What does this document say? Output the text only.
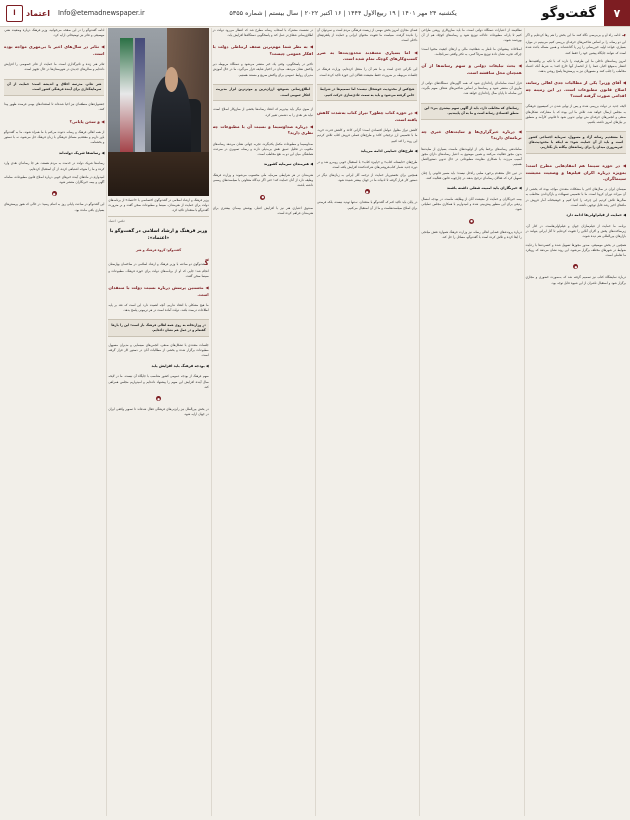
۷
گفت‌وگو
یکشنبه ۲۴ مهر ۱۴۰۱ | ۱۹ ربیع‌الاول ۱۴۴۴ | ۱۶ اکتبر ۲۰۲۲ | سال بیستم | شماره ۵۳۵۵
Info@etemadnewspaper.ir
اعتماد
ا
به ادامه راه او و بی‌بی‌سی نگاه کنند ما این بخش را هم رها کرده‌ایم و اگر این دو رسانه را بر اساس شاخص‌های حرفه‌ای بررسی کنیم می‌بینیم در موارد بسیاری، قواعد اولیه خبررسانی را زیر پا گذاشته‌اند و همین مساله باعث شده است که نتوانند جایگاه پیشین خود را حفظ کنند.
امروز رسانه‌های داخلی ما این ظرفیت را دارند که با تکیه بر واقعیت‌ها و انتشار به‌موقع اخبار، فضا را از انحصار آنها خارج کنند؛ به شرط آنکه اعتماد مخاطب را جلب کنند و مسوولان نیز به پرسش‌ها پاسخ روشن بدهند.
◀ آقای وزیر! یکی از مطالبات جدی اهالی رسانه، اصلاح قانون مطبوعات است. در این زمینه چه اقدامی صورت گرفته است؟
لایحه جدید در دولت بررسی شده و پس از نهایی شدن در کمیسیون فرهنگی به مجلس ارسال خواهد شد. تلاش ما این بوده که با مشارکت تشکل‌های صنفی و انجمن‌های حرفه‌ای متن نهایی تدوین شود تا قانونی کارآمد و منطبق بر نیازهای امروز داشته باشیم.
ما معتقدیم رسانه آزاد و مسوول، سرمایه اجتماعی کشور است و باید از آن حمایت شود؛ نه اینکه با محدودیت‌های غیرضروری میدان را برای رسانه‌های بیگانه باز بگذاریم.
◀ در حوزه سینما هم انتقادهایی مطرح است؛ به‌ویژه درباره اکران فیلم‌ها و وضعیت معیشت سینماگران.
سینمای ایران در سال‌های اخیر با مشکلات متعددی مواجه بوده که بخشی از آن میراث دوران کرونا است. ما با تخصیص تسهیلات و بازگرداندن مخاطب به سالن‌ها تلاش کردیم این چرخه را احیا کنیم و خوشبختانه آمار فروش در ماه‌های اخیر رشد قابل توجهی داشته است.
◀ حمایت از فیلم‌اولی‌ها ادامه دارد
برنامه ما حمایت از فیلم‌سازان جوان و فیلم‌اولی‌هاست. در کنار آن، زیرساخت‌های پخش و اکران آنلاین را تقویت کرده‌ایم تا آثار ایرانی بتوانند در بازارهای بین‌المللی هم دیده شوند.
همچنین در بخش موسیقی، صدور مجوزها تسهیل شده و کنسرت‌ها با رعایت ضوابط در شهرهای مختلف برگزار می‌شود. این روند نشان می‌دهد که رویکرد ما تعاملی است.
●
درباره نمایشگاه کتاب نیز تصمیم گرفته شد که به‌صورت حضوری و مجازی برگزار شود و استقبال ناشران از این شیوه قابل توجه بود.
نظام‌مند از اعتبارات دستگاه دولتی است. ما باید سازوکاری روشن طراحی کنیم تا یارانه مطبوعات عادلانه توزیع شود و رسانه‌های کوچک هم از آن بهره‌مند شوند.
اصلاحات پیشنهادی ما ناظر به شفافیت مالی و ارتقای کیفیت محتوا است؛ چراکه تجربه نشان داده توزیع صرفاً کمی، به تکثر واقعی نمی‌انجامد.
◀ بحث تبلیغات دولتی و سهم رسانه‌ها از آن همچنان محل مناقشه است.
قرار است سامانه‌ای راه‌اندازی شود که همه آگهی‌های دستگاه‌های دولتی از طریق آن منتشر شود و رسانه‌ها بر اساس شاخص‌های شفاف سهم بگیرند. این سامانه تا پایان سال راه‌اندازی خواهد شد.
رسانه‌ای که مخاطب دارد، باید از آگهی سهم بیشتری ببرد؛ این منطق اقتصادی رسانه است و ما به آن پایبندیم.
◀ درباره خبرگزاری‌ها و سایت‌های خبری چه برنامه‌ای دارید؟
ساماندهی رسانه‌های برخط یکی از اولویت‌های ماست. بسیاری از سایت‌ها بدون مجوز فعالیت می‌کنند و همین موضوع به اعتبار رسانه‌های دارای مجوز آسیب می‌زند. با همکاری معاونت مطبوعاتی در حال تدوین دستورالعمل هستیم.
در عین حال معتقدم برخورد سلبی راه‌حل نیست؛ باید مسیر قانونی را چنان تسهیل کرد که فعالان رسانه‌ای ترجیح بدهند در چارچوب قانون فعالیت کنند.
◀ خبرنگاران باید امنیت شغلی داشته باشند
بیمه خبرنگاران و حمایت از معیشت آنان از وظایف ماست. در بودجه امسال ردیفی برای این منظور پیش‌بینی شده و امیدواریم با همکاری مجلس عملیاتی شود.
●
درباره پرونده‌های قضایی اهالی رسانه نیز وزارت فرهنگ همواره نقش میانجی را ایفا کرده و تلاش کرده است با گفت‌وگو، مسائل را حل کند.
فضای مجازی امروز بخش مهمی از زیست فرهنگی مردم است و نمی‌توان آن را نادیده گرفت. سیاست ما تقویت محتوای ایرانی و حمایت از پلتفرم‌های داخلی است.
◀ اما بسیاری معتقدند محدودیت‌ها به ضرر کسب‌وکارهای کوچک تمام شده است.
این نگرانی جدی است و ما هم آن را منتقل کرده‌ایم. وزارت فرهنگ در جلسات مربوطه بر ضرورت حفظ معیشت فعالان این حوزه تاکید کرده است.
هیچ‌کس از محدودیت خوشحال نیست؛ اما تصمیم‌ها در شرایط خاص گرفته می‌شود و باید به سمت عادی‌سازی حرکت کنیم.
◀ در حوزه کتاب چطور؟ تیراژ کتاب به‌شدت کاهش یافته است.
کاهش تیراژ معلول عوامل اقتصادی است؛ گرانی کاغذ و کاهش قدرت خرید. ما با تخصیص ارز ترجیحی کاغذ و طرح‌های فصلی فروش کتاب تلاش کردیم این روند را کند کنیم.
◀ طرح‌های حمایتی ادامه می‌یابد
طرح‌های «تابستانه کتاب» و «پاییزه کتاب» با استقبال خوبی روبه‌رو شد و در دوره جدید شمار کتاب‌فروشی‌های شرکت‌کننده افزایش یافته است.
همچنین برای نخستین‌بار حمایت از ترجمه آثار ایرانی به زبان‌های دیگر در دستور کار قرار گرفته تا ادبیات ما در جهان بیشتر شنیده شود.
●
در پایان باید تاکید کنم که گفت‌وگو با منتقدان، نه‌تنها تهدید نیست، بلکه فرصتی برای اصلاح سیاست‌هاست و ما از آن استقبال می‌کنیم.
در نشست مشترک با اصحاب رسانه مطرح شد که انتظار می‌رود دولت در اطلاع‌رسانی شفاف‌تر عمل کند و پاسخگویی دستگاه‌ها افزایش یابد.
◀ به نظر شما مهم‌ترین ضعف ارتباطی دولت با افکار عمومی چیست؟
تاخیر در پاسخگویی. وقتی یک خبر منتشر می‌شود و دستگاه مربوطه دیر واکنش نشان می‌دهد، میدان در اختیار شایعه قرار می‌گیرد. ما در حال آموزش مدیران روابط عمومی برای واکنش سریع و مستند هستیم.
اطلاع‌رسانی به‌موقع، ارزان‌ترین و موثرترین ابزار مدیریت افکار عمومی است.
از سوی دیگر باید بپذیریم که انتقاد رسانه‌ها بخشی از سازوکار اصلاح است. نباید هر نقدی را به دشمنی تعبیر کرد.
◀ درباره صداوسیما و نسبت آن با مطبوعات چه نظری دارید؟
صداوسیما و مطبوعات مکمل یکدیگرند. تجربه جهانی نشان می‌دهد رسانه‌های مکتوب در تحلیل عمیق نقش بی‌بدیلی دارند و رسانه تصویری در سرعت. هماهنگی میان این دو به نفع مخاطب است.
◀ هنرمندان سرمایه کشورند
هنرمندان در هر شرایطی سرمایه ملی محسوب می‌شوند و وزارت فرهنگ وظیفه دارد از آنان حمایت کند؛ حتی اگر دیدگاه متفاوتی با سیاست‌های رسمی داشته باشند.
●
صندوق اعتباری هنر نیز با افزایش اعتبار، پوشش بیمه‌ای بیشتری برای هنرمندان فراهم کرده است.
وزیر فرهنگ و ارشاد اسلامی در گفت‌وگوی اختصاصی با «اعتماد» از برنامه‌های دولت برای حمایت از هنرمندان، سینما و مطبوعات سخن گفت و بر ضرورت گفت‌وگو با منتقدان تاکید کرد.
عکس: اعتماد
وزیر فرهنگ و ارشاد اسلامی در گفت‌وگو با «اعتماد»:
گفت‌وگو: گروه فرهنگ و هنر
گفت‌وگوی دو ساعته با وزیر فرهنگ و ارشاد اسلامی در ساختمان بهارستان انجام شد؛ جایی که او از برنامه‌های دولت برای حوزه فرهنگ، مطبوعات و سینما سخن گفت.
◀ نخستین پرسش درباره نسبت دولت با منتقدان است.
ما هیچ مشکلی با انتقاد نداریم. آنچه اهمیت دارد این است که نقد بر پایه اطلاعات درست باشد. دولت آماده است در هر تریبونی پاسخ بدهد.
درِ وزارتخانه به روی همه اهالی فرهنگ باز است؛ این را بارها گفته‌ام و در عمل هم نشان داده‌ایم.
جلسات متعددی با تشکل‌های صنفی، انجمن‌های سینمایی و مدیران مسوول مطبوعات برگزار شده و بخشی از مطالبات آنان در دستور کار قرار گرفته است.
◀ بودجه فرهنگ باید افزایش یابد
سهم فرهنگ از بودجه عمومی کشور متناسب با جایگاه آن نیست. ما در لایحه سال آینده افزایش این سهم را پیشنهاد داده‌ایم و امیدواریم مجلس همراهی کند.
●
در بخش بین‌الملل نیز رایزنی‌های فرهنگی فعال شده‌اند تا تصویر واقعی ایران در جهان ارایه شود.
ادامه گفت‌وگو را در این صفحه می‌خوانید. وزیر فرهنگ درباره وضعیت نشر، موسیقی و تئاتر نیز توضیحاتی ارایه کرد.
◀ تئاتر در سال‌های اخیر با بی‌مهری مواجه بوده است.
تئاتر هنر زنده و تاثیرگذاری است. ما حمایت از تئاتر خصوصی را افزایش داده‌ایم و سالن‌های جدیدی در شهرستان‌ها در حال تجهیز است.
هنر تئاتر، مدرسه اخلاق و اندیشه است؛ حمایت از آن سرمایه‌گذاری برای آینده فرهنگی کشور است.
جشنواره‌های منطقه‌ای نیز احیا شده‌اند تا استعدادهای بومی فرصت ظهور پیدا کنند.
◀ و سخن پایانی؟
از همه اهالی فرهنگ و رسانه دعوت می‌کنم با ما همراه شوند. ما به گفت‌وگو باور داریم و معتقدیم مسائل فرهنگی با زبان فرهنگ حل می‌شود، نه با دستور و بخشنامه.
◀ رسانه‌ها شریک دولت‌اند
رسانه‌ها شریک دولت در خدمت به مردم هستند. هر جا رسانه‌ای نقدی وارد کرده و ما را متوجه اشتباهی کرده، از آن استقبال کرده‌ایم.
امیدوارم در ماه‌های آینده خبرهای خوبی درباره اصلاح قانون مطبوعات، سامانه آگهی و بیمه خبرنگاران منتشر شود.
●
این گفت‌وگو در ساعت پایانی روز به اتمام رسید؛ در حالی که هنوز پرسش‌های بسیاری باقی مانده بود.
